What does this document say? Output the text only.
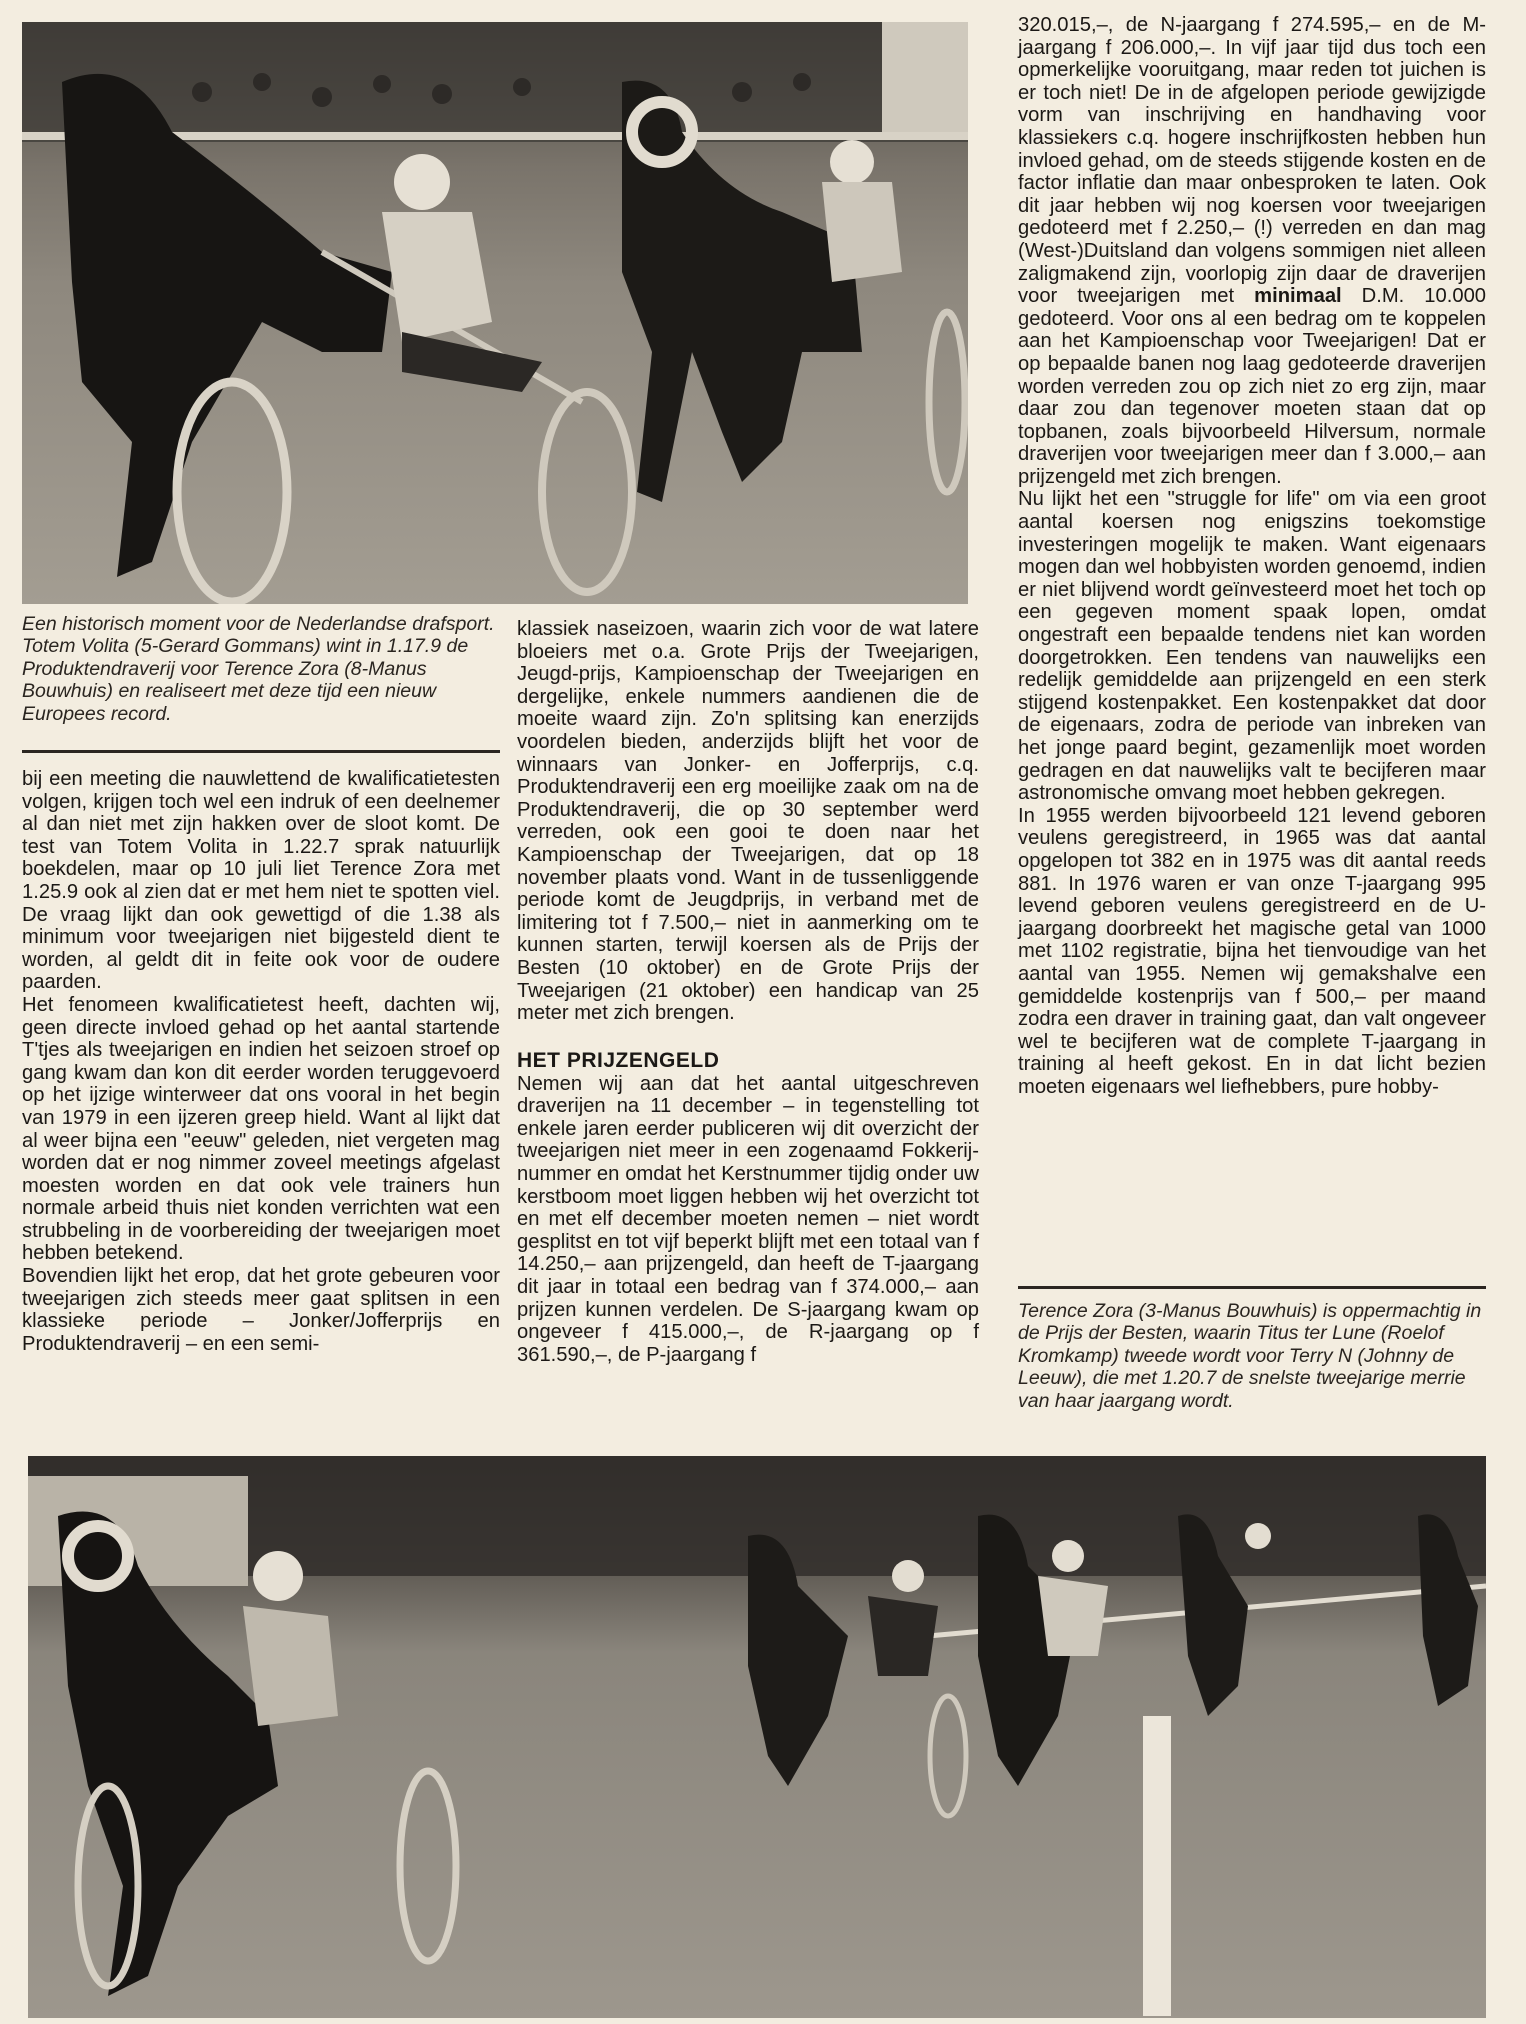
Een historisch moment voor de Nederlandse drafsport. Totem Volita (5-Gerard Gommans) wint in 1.17.9 de Produktendraverij voor Terence Zora (8-Manus Bouwhuis) en realiseert met deze tijd een nieuw Europees record.

bij een meeting die nauwlettend de kwalificatietesten volgen, krijgen toch wel een indruk of een deelnemer al dan niet met zijn hakken over de sloot komt. De test van Totem Volita in 1.22.7 sprak natuurlijk boekdelen, maar op 10 juli liet Terence Zora met 1.25.9 ook al zien dat er met hem niet te spotten viel. De vraag lijkt dan ook gewettigd of die 1.38 als minimum voor tweejarigen niet bijgesteld dient te worden, al geldt dit in feite ook voor de oudere paarden.

Het fenomeen kwalificatietest heeft, dachten wij, geen directe invloed gehad op het aantal startende T'tjes als tweejarigen en indien het seizoen stroef op gang kwam dan kon dit eerder worden teruggevoerd op het ijzige winterweer dat ons vooral in het begin van 1979 in een ijzeren greep hield. Want al lijkt dat al weer bijna een "eeuw" geleden, niet vergeten mag worden dat er nog nimmer zoveel meetings afgelast moesten worden en dat ook vele trainers hun normale arbeid thuis niet konden verrichten wat een strubbeling in de voorbereiding der tweejarigen moet hebben betekend.

Bovendien lijkt het erop, dat het grote gebeuren voor tweejarigen zich steeds meer gaat splitsen in een klassieke periode – Jonker/Jofferprijs en Produktendraverij – en een semi-

klassiek naseizoen, waarin zich voor de wat latere bloeiers met o.a. Grote Prijs der Tweejarigen, Jeugd-prijs, Kampioenschap der Tweejarigen en dergelijke, enkele nummers aandienen die de moeite waard zijn. Zo'n splitsing kan enerzijds voordelen bieden, anderzijds blijft het voor de winnaars van Jonker- en Jofferprijs, c.q. Produktendraverij een erg moeilijke zaak om na de Produktendraverij, die op 30 september werd verreden, ook een gooi te doen naar het Kampioenschap der Tweejarigen, dat op 18 november plaats vond. Want in de tussenliggende periode komt de Jeugdprijs, in verband met de limitering tot f 7.500,– niet in aanmerking om te kunnen starten, terwijl koersen als de Prijs der Besten (10 oktober) en de Grote Prijs der Tweejarigen (21 oktober) een handicap van 25 meter met zich brengen.

HET PRIJZENGELD

Nemen wij aan dat het aantal uitgeschreven draverijen na 11 december – in tegenstelling tot enkele jaren eerder publiceren wij dit overzicht der tweejarigen niet meer in een zogenaamd Fokkerij-nummer en omdat het Kerstnummer tijdig onder uw kerstboom moet liggen hebben wij het overzicht tot en met elf december moeten nemen – niet wordt gesplitst en tot vijf beperkt blijft met een totaal van f 14.250,– aan prijzengeld, dan heeft de T-jaargang dit jaar in totaal een bedrag van f 374.000,– aan prijzen kunnen verdelen. De S-jaargang kwam op ongeveer f 415.000,–, de R-jaargang op f 361.590,–, de P-jaargang f

320.015,–, de N-jaargang f 274.595,– en de M-jaargang f 206.000,–. In vijf jaar tijd dus toch een opmerkelijke vooruitgang, maar reden tot juichen is er toch niet! De in de afgelopen periode gewijzigde vorm van inschrijving en handhaving voor klassiekers c.q. hogere inschrijfkosten hebben hun invloed gehad, om de steeds stijgende kosten en de factor inflatie dan maar onbesproken te laten. Ook dit jaar hebben wij nog koersen voor tweejarigen gedoteerd met f 2.250,– (!) verreden en dan mag (West-)Duitsland dan volgens sommigen niet alleen zaligmakend zijn, voorlopig zijn daar de draverijen voor tweejarigen met minimaal D.M. 10.000 gedoteerd. Voor ons al een bedrag om te koppelen aan het Kampioenschap voor Tweejarigen! Dat er op bepaalde banen nog laag gedoteerde draverijen worden verreden zou op zich niet zo erg zijn, maar daar zou dan tegenover moeten staan dat op topbanen, zoals bijvoorbeeld Hilversum, normale draverijen voor tweejarigen meer dan f 3.000,– aan prijzengeld met zich brengen.

Nu lijkt het een "struggle for life" om via een groot aantal koersen nog enigszins toekomstige investeringen mogelijk te maken. Want eigenaars mogen dan wel hobbyisten worden genoemd, indien er niet blijvend wordt geïnvesteerd moet het toch op een gegeven moment spaak lopen, omdat ongestraft een bepaalde tendens niet kan worden doorgetrokken. Een tendens van nauwelijks een redelijk gemiddelde aan prijzengeld en een sterk stijgend kostenpakket. Een kostenpakket dat door de eigenaars, zodra de periode van inbreken van het jonge paard begint, gezamenlijk moet worden gedragen en dat nauwelijks valt te becijferen maar astronomische omvang moet hebben gekregen.

In 1955 werden bijvoorbeeld 121 levend geboren veulens geregistreerd, in 1965 was dat aantal opgelopen tot 382 en in 1975 was dit aantal reeds 881. In 1976 waren er van onze T-jaargang 995 levend geboren veulens geregistreerd en de U-jaargang doorbreekt het magische getal van 1000 met 1102 registratie, bijna het tienvoudige van het aantal van 1955. Nemen wij gemakshalve een gemiddelde kostenprijs van f 500,– per maand zodra een draver in training gaat, dan valt ongeveer wel te becijferen wat de complete T-jaargang in training al heeft gekost. En in dat licht bezien moeten eigenaars wel liefhebbers, pure hobby-

Terence Zora (3-Manus Bouwhuis) is oppermachtig in de Prijs der Besten, waarin Titus ter Lune (Roelof Kromkamp) tweede wordt voor Terry N (Johnny de Leeuw), die met 1.20.7 de snelste tweejarige merrie van haar jaargang wordt.
